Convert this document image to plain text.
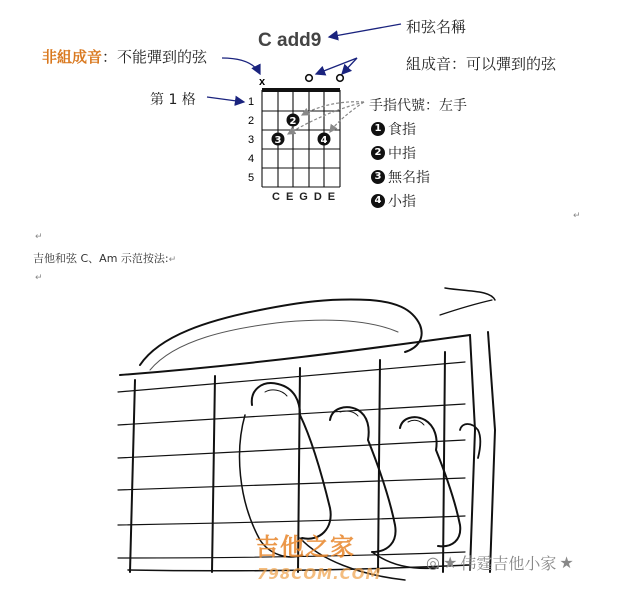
C add9
和弦名稱
非組成音：不能彈到的弦	組成音：可以彈到的弦
第 1 格
x
1
2
3
4
5
2
3	4
手指代號：左手
1 食指
2 中指
3 無名指
4 小指
CEGDE
↵
↵
吉他和弦 C、Am 示范按法:↵
↵
吉他之家
798COM.COM
◎ ★ 伟霆吉他小家 ★
